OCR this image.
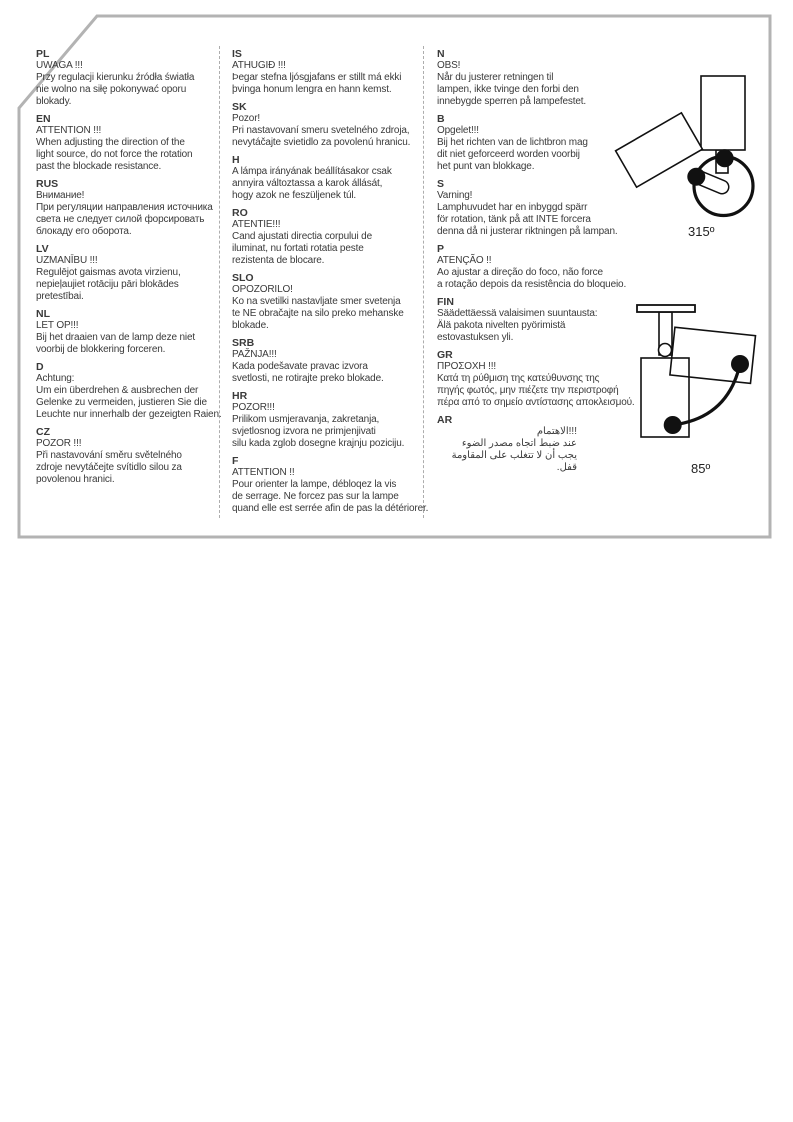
PL
UWAGA !!!
Przy regulacji kierunku źródła światła
nie wolno na siłę pokonywać oporu
blokady.
EN
ATTENTION !!!
When adjusting the direction of the
light source, do not force the rotation
past the blockade resistance.
RUS
Внимание!
При регуляции направления источника
света не следует силой форсировать
блокаду его оборота.
LV
UZMANĪBU !!!
Regulējot gaismas avota virzienu,
nepieļaujiet rotāciju pāri blokādes
pretestībai.
NL
LET OP!!!
Bij het draaien van de lamp deze niet
voorbij de blokkering forceren.
D
Achtung:
Um ein überdrehen & ausbrechen der
Gelenke zu vermeiden, justieren Sie die
Leuchte nur innerhalb der gezeigten Raien.
CZ
POZOR !!!
Při nastavování směru světelného
zdroje nevytáčejte svítidlo silou za
povolenou hranici.
IS
ATHUGIÐ !!!
Þegar stefna ljósgjafans er stillt má ekki
þvinga honum lengra en hann kemst.
SK
Pozor!
Pri nastavovaní smeru svetelného zdroja,
nevytáčajte svietidlo za povolenú hranicu.
H
A lámpa irányának beállításakor csak
annyira változtassa a karok állását,
hogy azok ne feszüljenek túl.
RO
ATENTIE!!!
Cand ajustati directia corpului de
iluminat, nu fortati rotatia peste
rezistenta de blocare.
SLO
OPOZORILO!
Ko na svetilki nastavljate smer svetenja
te NE obračajte na silo preko mehanske
blokade.
SRB
PAŽNJA!!!
Kada podešavate pravac izvora
svetlosti, ne rotirajte preko blokade.
HR
POZOR!!!
Prilikom usmjeravanja, zakretanja,
svjetlosnog izvora ne primjenjivati
silu kada zglob dosegne krajnju poziciju.
F
ATTENTION !!
Pour orienter la lampe, débloqez la vis
de serrage. Ne forcez pas sur la lampe
quand elle est serrée afin de pas la détériorer.
N
OBS!
Når du justerer retningen til
lampen, ikke tvinge den forbi den
innebygde sperren på lampefestet.
B
Opgelet!!!
Bij het richten van de lichtbron mag
dit niet geforceerd worden voorbij
het punt van blokkage.
S
Varning!
Lamphuvudet har en inbyggd spärr
för rotation, tänk på att INTE forcera
denna då ni justerar riktningen på lampan.
P
ATENÇÃO !!
Ao ajustar a direção do foco, não force
a rotação depois da resistência do bloqueio.
FIN
Säädettäessä valaisimen suuntausta:
Älä pakota nivelten pyörimistä
estovastuksen yli.
GR
ΠΡΟΣΟΧΗ !!!
Κατά τη ρύθμιση της κατεύθυνσης της
πηγής φωτός, μην πιέζετε την περιστροφή
πέρα από το σημείο αντίστασης αποκλεισμού.
AR
مامتهالا!!!
ءوضلا ردصم هاجتا طبض دنع
ةمواقملا ىلع بلغتت ال نأ بجي
.لفق
315º
85º
